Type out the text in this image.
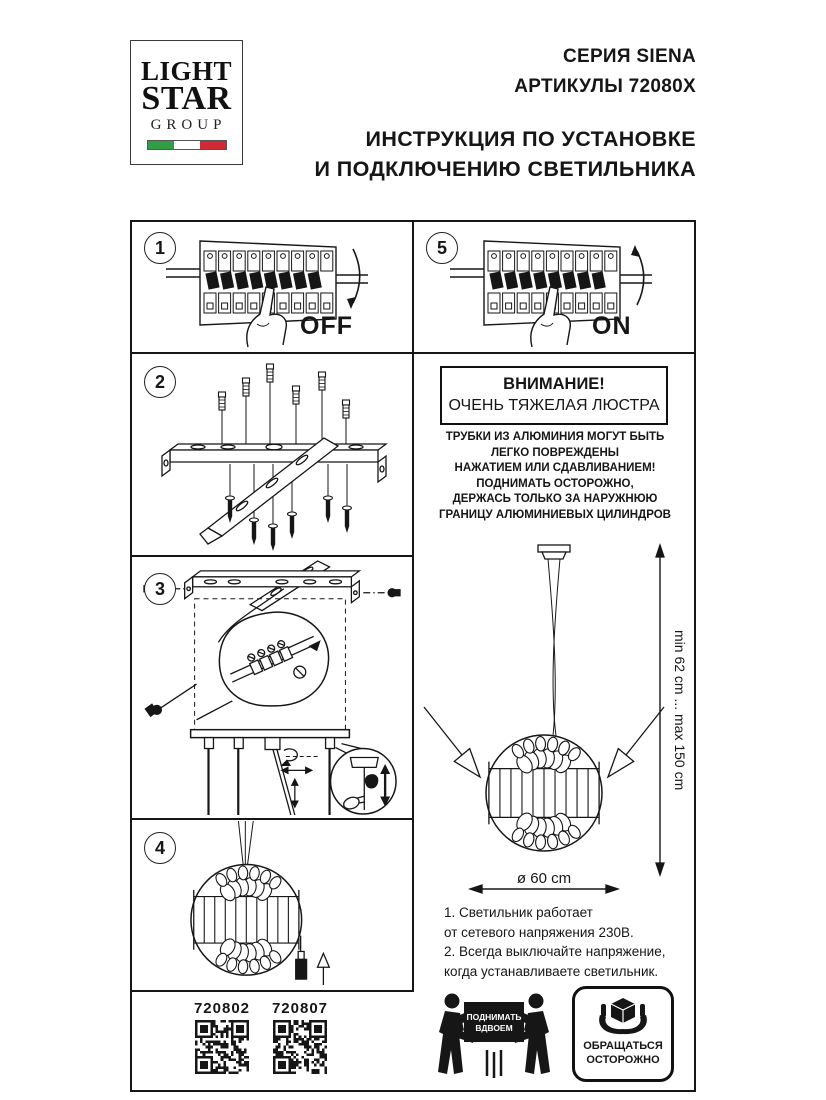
LIGHT
STAR
GROUP
СЕРИЯ SIENA
АРТИКУЛЫ 72080X
ИНСТРУКЦИЯ ПО УСТАНОВКЕ
И ПОДКЛЮЧЕНИЮ СВЕТИЛЬНИКА
1
OFF
5
ON
2
3
4
720802	720807
ВНИМАНИЕ!
ОЧЕНЬ ТЯЖЕЛАЯ ЛЮСТРА
ТРУБКИ ИЗ АЛЮМИНИЯ МОГУТ БЫТЬ
ЛЕГКО ПОВРЕЖДЕНЫ
НАЖАТИЕМ ИЛИ СДАВЛИВАНИЕМ!
ПОДНИМАТЬ ОСТОРОЖНО,
ДЕРЖАСЬ ТОЛЬКО ЗА НАРУЖНЮЮ
ГРАНИЦУ АЛЮМИНИЕВЫХ ЦИЛИНДРОВ
min 62 cm ... max 150 cm
ø 60 cm
1. Светильник работает
от сетевого напряжения 230В.
2. Всегда выключайте напряжение,
когда устанавливаете светильник.
ПОДНИМАТЬ
ВДВОЕМ
ОБРАЩАТЬСЯ
ОСТОРОЖНО
